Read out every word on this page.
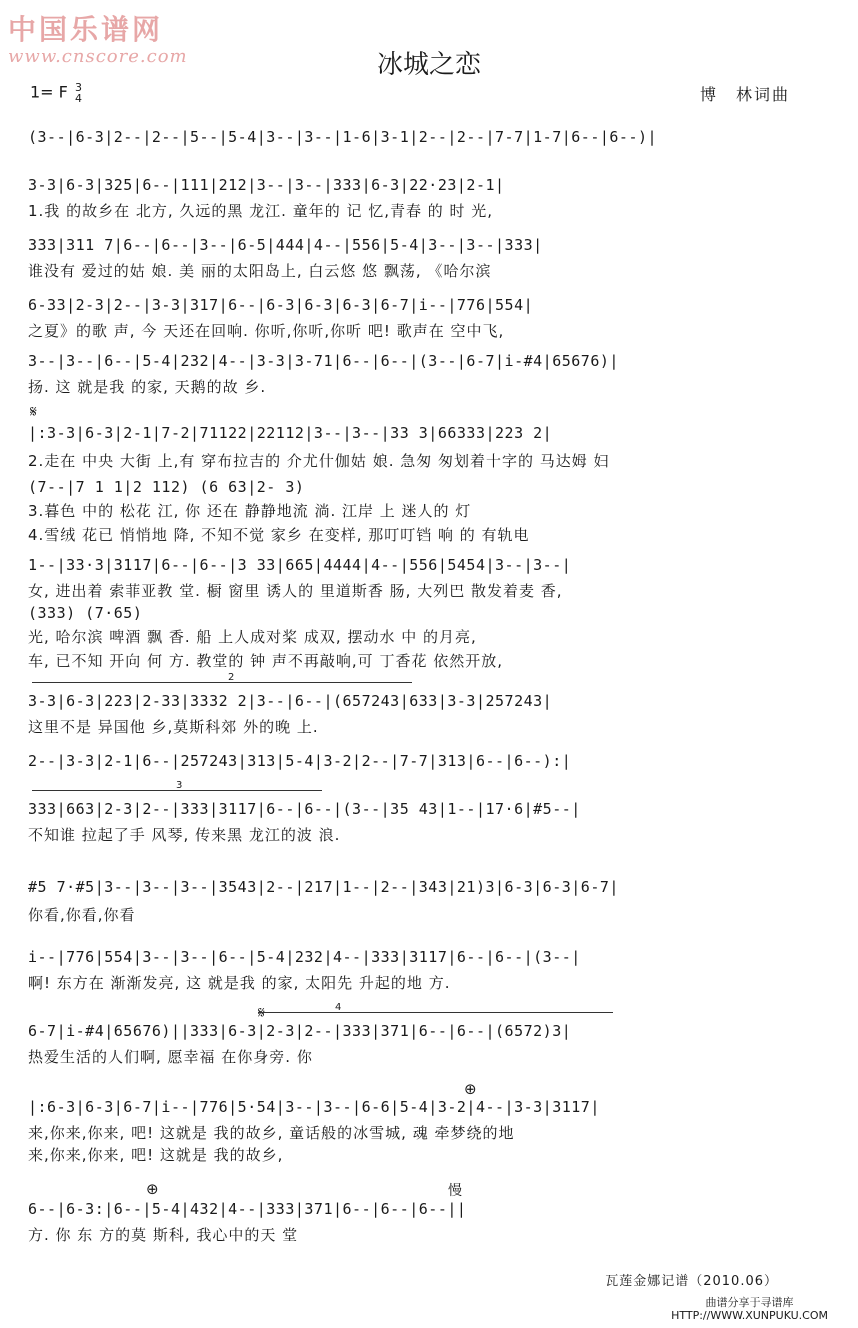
中国乐谱网
www.cnscore.com	冰城之恋
1= F 3
4	博　林词曲
(3--|6-3|2--|2--|5--|5-4|3--|3--|1-6|3-1|2--|2--|7-7|1-7|6--|6--)|
3-3|6-3|325|6--|111|212|3--|3--|333|6-3|22·23|2-1|
1.我 的故乡在 北方, 久远的黑 龙江. 童年的 记 忆,青春 的 时 光,
333|311 7|6--|6--|3--|6-5|444|4--|556|5-4|3--|3--|333|
谁没有 爱过的姑 娘. 美 丽的太阳岛上, 白云悠 悠 飘荡, 《哈尔滨
6-33|2-3|2--|3-3|317|6--|6-3|6-3|6-3|6-7|i--|776|554|
之夏》的歌 声, 今 天还在回响. 你听,你听,你听 吧! 歌声在 空中飞,
3--|3--|6--|5-4|232|4--|3-3|3-71|6--|6--|(3--|6-7|i-#4|65676)|
扬. 这 就是我 的家, 天鹅的故 乡.
|:3-3|6-3|2-1|7-2|71122|22112|3--|3--|33 3|66333|223 2|
2.走在 中央 大街 上,有 穿布拉吉的 介尤什伽姑 娘. 急匆 匆划着十字的 马达姆 妇
(7--|7 1 1|2 112) (6 63|2- 3)
3.暮色 中的 松花 江, 你 还在 静静地流 淌. 江岸 上 迷人的 灯
4.雪绒 花已 悄悄地 降, 不知不觉 家乡 在变样, 那叮叮铛 响 的 有轨电
1--|33·3|3117|6--|6--|3 33|665|4444|4--|556|5454|3--|3--|
女, 进出着 索菲亚教 堂. 橱 窗里 诱人的 里道斯香 肠, 大列巴 散发着麦 香,
(333) (7·65)
光, 哈尔滨 啤酒 飘 香. 船 上人成对桨 成双, 摆动水 中 的月亮,
车, 已不知 开向 何 方. 教堂的 钟 声不再敲响,可 丁香花 依然开放,
3-3|6-3|223|2-33|3332 2|3--|6--|(657243|633|3-3|257243|
这里不是 异国他 乡,莫斯科郊 外的晚 上.
2--|3-3|2-1|6--|257243|313|5-4|3-2|2--|7-7|313|6--|6--):|
333|663|2-3|2--|333|3117|6--|6--|(3--|35 43|1--|17·6|#5--|
不知谁 拉起了手 风琴, 传来黑 龙江的波 浪.
#5 7·#5|3--|3--|3--|3543|2--|217|1--|2--|343|21)3|6-3|6-3|6-7|
你看,你看,你看
i--|776|554|3--|3--|6--|5-4|232|4--|333|3117|6--|6--|(3--|
啊! 东方在 渐渐发亮, 这 就是我 的家, 太阳先 升起的地 方.
6-7|i-#4|65676)||333|6-3|2-3|2--|333|371|6--|6--|(6572)3|
热爱生活的人们啊, 愿幸福 在你身旁. 你
|:6-3|6-3|6-7|i--|776|5·54|3--|3--|6-6|5-4|3-2|4--|3-3|3117|
来,你来,你来, 吧! 这就是 我的故乡, 童话般的冰雪城, 魂 牵梦绕的地
来,你来,你来, 吧! 这就是 我的故乡,
6--|6-3:|6--|5-4|432|4--|333|371|6--|6--|6--||
方. 你 东 方的莫 斯科, 我心中的天 堂
𝄋
𝄋
⊕
⊕	慢
2
3
4
瓦莲金娜记谱（2010.06）
曲谱分享于寻谱库
HTTP://WWW.XUNPUKU.COM
